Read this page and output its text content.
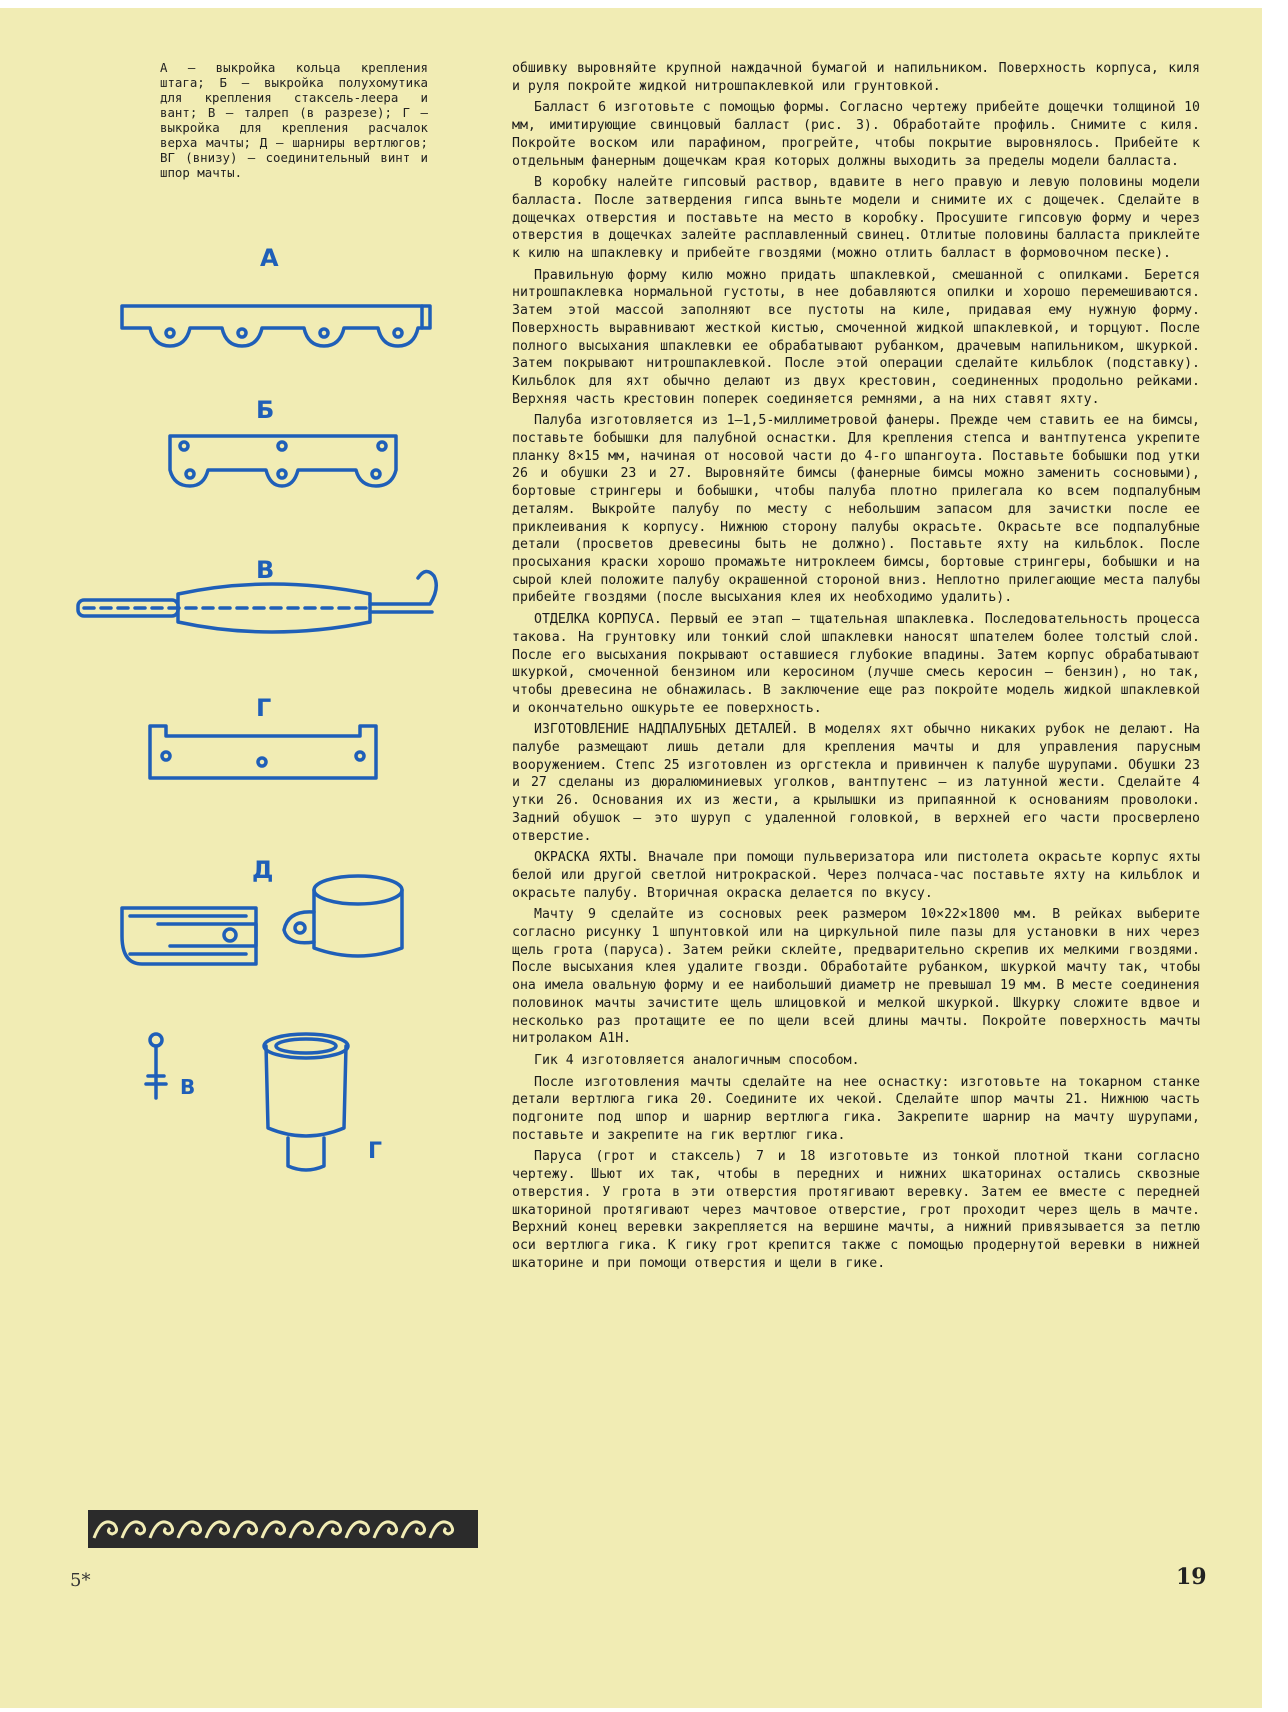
А — выкройка кольца крепления штага; Б — выкройка полухомутика для крепления стаксель-леера и вант; В — талреп (в разрезе); Г — выкройка для крепления расчалок верха мачты; Д — шарниры вертлюгов; ВГ (внизу) — соединительный винт и шпор мачты.

А
Б
В
Г
Д
В
Г

обшивку выровняйте крупной наждачной бумагой и напильником. Поверхность корпуса, киля и руля покройте жидкой нитрошпаклевкой или грунтовкой.

Балласт 6 изготовьте с помощью формы. Согласно чертежу прибейте дощечки толщиной 10 мм, имитирующие свинцовый балласт (рис. 3). Обработайте профиль. Снимите с киля. Покройте воском или парафином, прогрейте, чтобы покрытие выровнялось. Прибейте к отдельным фанерным дощечкам края которых должны выходить за пределы модели балласта.

В коробку налейте гипсовый раствор, вдавите в него правую и левую половины модели балласта. После затвердения гипса выньте модели и снимите их с дощечек. Сделайте в дощечках отверстия и поставьте на место в коробку. Просушите гипсовую форму и через отверстия в дощечках залейте расплавленный свинец. Отлитые половины балласта приклейте к килю на шпаклевку и прибейте гвоздями (можно отлить балласт в формовочном песке).

Правильную форму килю можно придать шпаклевкой, смешанной с опилками. Берется нитрошпаклевка нормальной густоты, в нее добавляются опилки и хорошо перемешиваются. Затем этой массой заполняют все пустоты на киле, придавая ему нужную форму. Поверхность выравнивают жесткой кистью, смоченной жидкой шпаклевкой, и торцуют. После полного высыхания шпаклевки ее обрабатывают рубанком, драчевым напильником, шкуркой. Затем покрывают нитрошпаклевкой. После этой операции сделайте кильблок (подставку). Кильблок для яхт обычно делают из двух крестовин, соединенных продольно рейками. Верхняя часть крестовин поперек соединяется ремнями, а на них ставят яхту.

Палуба изготовляется из 1—1,5-миллиметровой фанеры. Прежде чем ставить ее на бимсы, поставьте бобышки для палубной оснастки. Для крепления степса и вантпутенса укрепите планку 8×15 мм, начиная от носовой части до 4-го шпангоута. Поставьте бобышки под утки 26 и обушки 23 и 27. Выровняйте бимсы (фанерные бимсы можно заменить сосновыми), бортовые стрингеры и бобышки, чтобы палуба плотно прилегала ко всем подпалубным деталям. Выкройте палубу по месту с небольшим запасом для зачистки после ее приклеивания к корпусу. Нижнюю сторону палубы окрасьте. Окрасьте все подпалубные детали (просветов древесины быть не должно). Поставьте яхту на кильблок. После просыхания краски хорошо промажьте нитроклеем бимсы, бортовые стрингеры, бобышки и на сырой клей положите палубу окрашенной стороной вниз. Неплотно прилегающие места палубы прибейте гвоздями (после высыхания клея их необходимо удалить).

ОТДЕЛКА КОРПУСА. Первый ее этап — тщательная шпаклевка. Последовательность процесса такова. На грунтовку или тонкий слой шпаклевки наносят шпателем более толстый слой. После его высыхания покрывают оставшиеся глубокие впадины. Затем корпус обрабатывают шкуркой, смоченной бензином или керосином (лучше смесь керосин — бензин), но так, чтобы древесина не обнажилась. В заключение еще раз покройте модель жидкой шпаклевкой и окончательно ошкурьте ее поверхность.

ИЗГОТОВЛЕНИЕ НАДПАЛУБНЫХ ДЕТАЛЕЙ. В моделях яхт обычно никаких рубок не делают. На палубе размещают лишь детали для крепления мачты и для управления парусным вооружением. Степс 25 изготовлен из оргстекла и привинчен к палубе шурупами. Обушки 23 и 27 сделаны из дюралюминиевых уголков, вантпутенс — из латунной жести. Сделайте 4 утки 26. Основания их из жести, а крылышки из припаянной к основаниям проволоки. Задний обушок — это шуруп с удаленной головкой, в верхней его части просверлено отверстие.

ОКРАСКА ЯХТЫ. Вначале при помощи пульверизатора или пистолета окрасьте корпус яхты белой или другой светлой нитрокраской. Через полчаса-час поставьте яхту на кильблок и окрасьте палубу. Вторичная окраска делается по вкусу.

Мачту 9 сделайте из сосновых реек размером 10×22×1800 мм. В рейках выберите согласно рисунку 1 шпунтовкой или на циркульной пиле пазы для установки в них через щель грота (паруса). Затем рейки склейте, предварительно скрепив их мелкими гвоздями. После высыхания клея удалите гвозди. Обработайте рубанком, шкуркой мачту так, чтобы она имела овальную форму и ее наибольший диаметр не превышал 19 мм. В месте соединения половинок мачты зачистите щель шлицовкой и мелкой шкуркой. Шкурку сложите вдвое и несколько раз протащите ее по щели всей длины мачты. Покройте поверхность мачты нитролаком А1Н.

Гик 4 изготовляется аналогичным способом.

После изготовления мачты сделайте на нее оснастку: изготовьте на токарном станке детали вертлюга гика 20. Соедините их чекой. Сделайте шпор мачты 21. Нижнюю часть подгоните под шпор и шарнир вертлюга гика. Закрепите шарнир на мачту шурупами, поставьте и закрепите на гик вертлюг гика.

Паруса (грот и стаксель) 7 и 18 изготовьте из тонкой плотной ткани согласно чертежу. Шьют их так, чтобы в передних и нижних шкаторинах остались сквозные отверстия. У грота в эти отверстия протягивают веревку. Затем ее вместе с передней шкаториной протягивают через мачтовое отверстие, грот проходит через щель в мачте. Верхний конец веревки закрепляется на вершине мачты, а нижний привязывается за петлю оси вертлюга гика. К гику грот крепится также с помощью продернутой веревки в нижней шкаторине и при помощи отверстия и щели в гике.

5*	19
